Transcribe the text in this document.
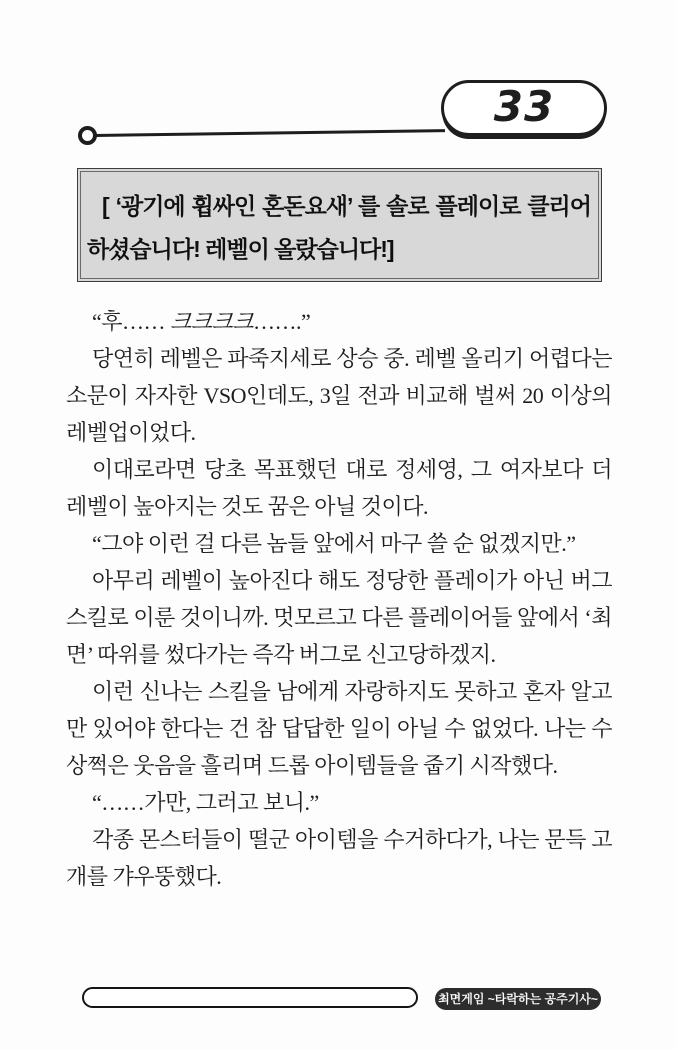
33

[ ‘광기에 휩싸인 혼돈요새’ 를 솔로 플레이로 클리어 하셨습니다! 레벨이 올랐습니다!]

“후…… 크크크크…….”

당연히 레벨은 파죽지세로 상승 중. 레벨 올리기 어렵다는 소문이 자자한 VSO인데도, 3일 전과 비교해 벌써 20 이상의 레벨업이었다.

이대로라면 당초 목표했던 대로 정세영, 그 여자보다 더 레벨이 높아지는 것도 꿈은 아닐 것이다.

“그야 이런 걸 다른 놈들 앞에서 마구 쓸 순 없겠지만.”

아무리 레벨이 높아진다 해도 정당한 플레이가 아닌 버그 스킬로 이룬 것이니까. 멋모르고 다른 플레이어들 앞에서 ‘최면’ 따위를 썼다가는 즉각 버그로 신고당하겠지.

이런 신나는 스킬을 남에게 자랑하지도 못하고 혼자 알고만 있어야 한다는 건 참 답답한 일이 아닐 수 없었다. 나는 수상쩍은 웃음을 흘리며 드롭 아이템들을 줍기 시작했다.

“……가만, 그러고 보니.”

각종 몬스터들이 떨군 아이템을 수거하다가, 나는 문득 고개를 갸우뚱했다.

최면게임 ~타락하는 공주기사~
